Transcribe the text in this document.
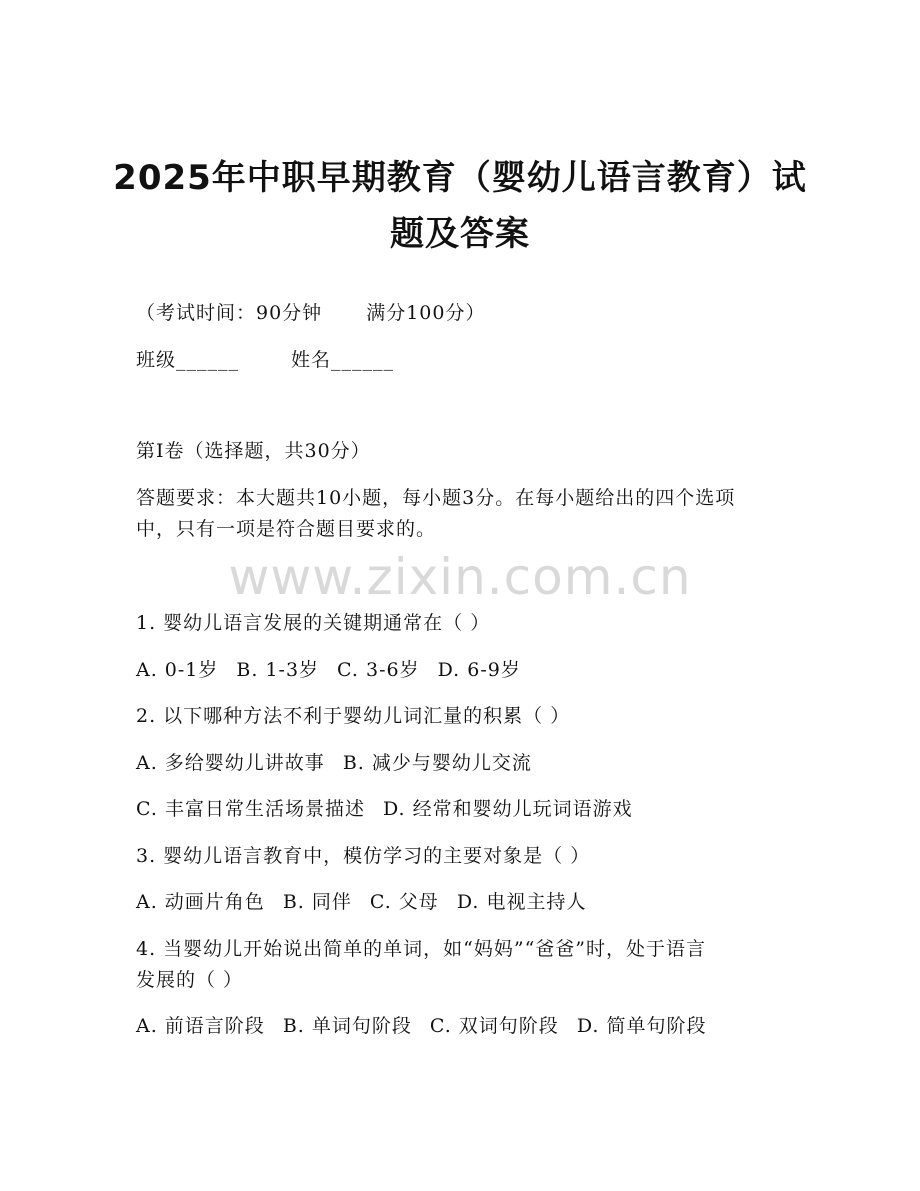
2025年中职早期教育（婴幼儿语言教育）试
题及答案
（考试时间：90分钟 满分100分）
班级______	姓名______
第Ⅰ卷（选择题，共30分）
答题要求：本大题共10小题，每小题3分。在每小题给出的四个选项
中，只有一项是符合题目要求的。
www.zixin.com.cn
1. 婴幼儿语言发展的关键期通常在（ ）
A. 0-1岁 B. 1-3岁 C. 3-6岁 D. 6-9岁
2. 以下哪种方法不利于婴幼儿词汇量的积累（ ）
A. 多给婴幼儿讲故事 B. 减少与婴幼儿交流
C. 丰富日常生活场景描述 D. 经常和婴幼儿玩词语游戏
3. 婴幼儿语言教育中，模仿学习的主要对象是（ ）
A. 动画片角色 B. 同伴 C. 父母 D. 电视主持人
4. 当婴幼儿开始说出简单的单词，如“妈妈”“爸爸”时，处于语言
发展的（ ）
A. 前语言阶段 B. 单词句阶段 C. 双词句阶段 D. 简单句阶段
